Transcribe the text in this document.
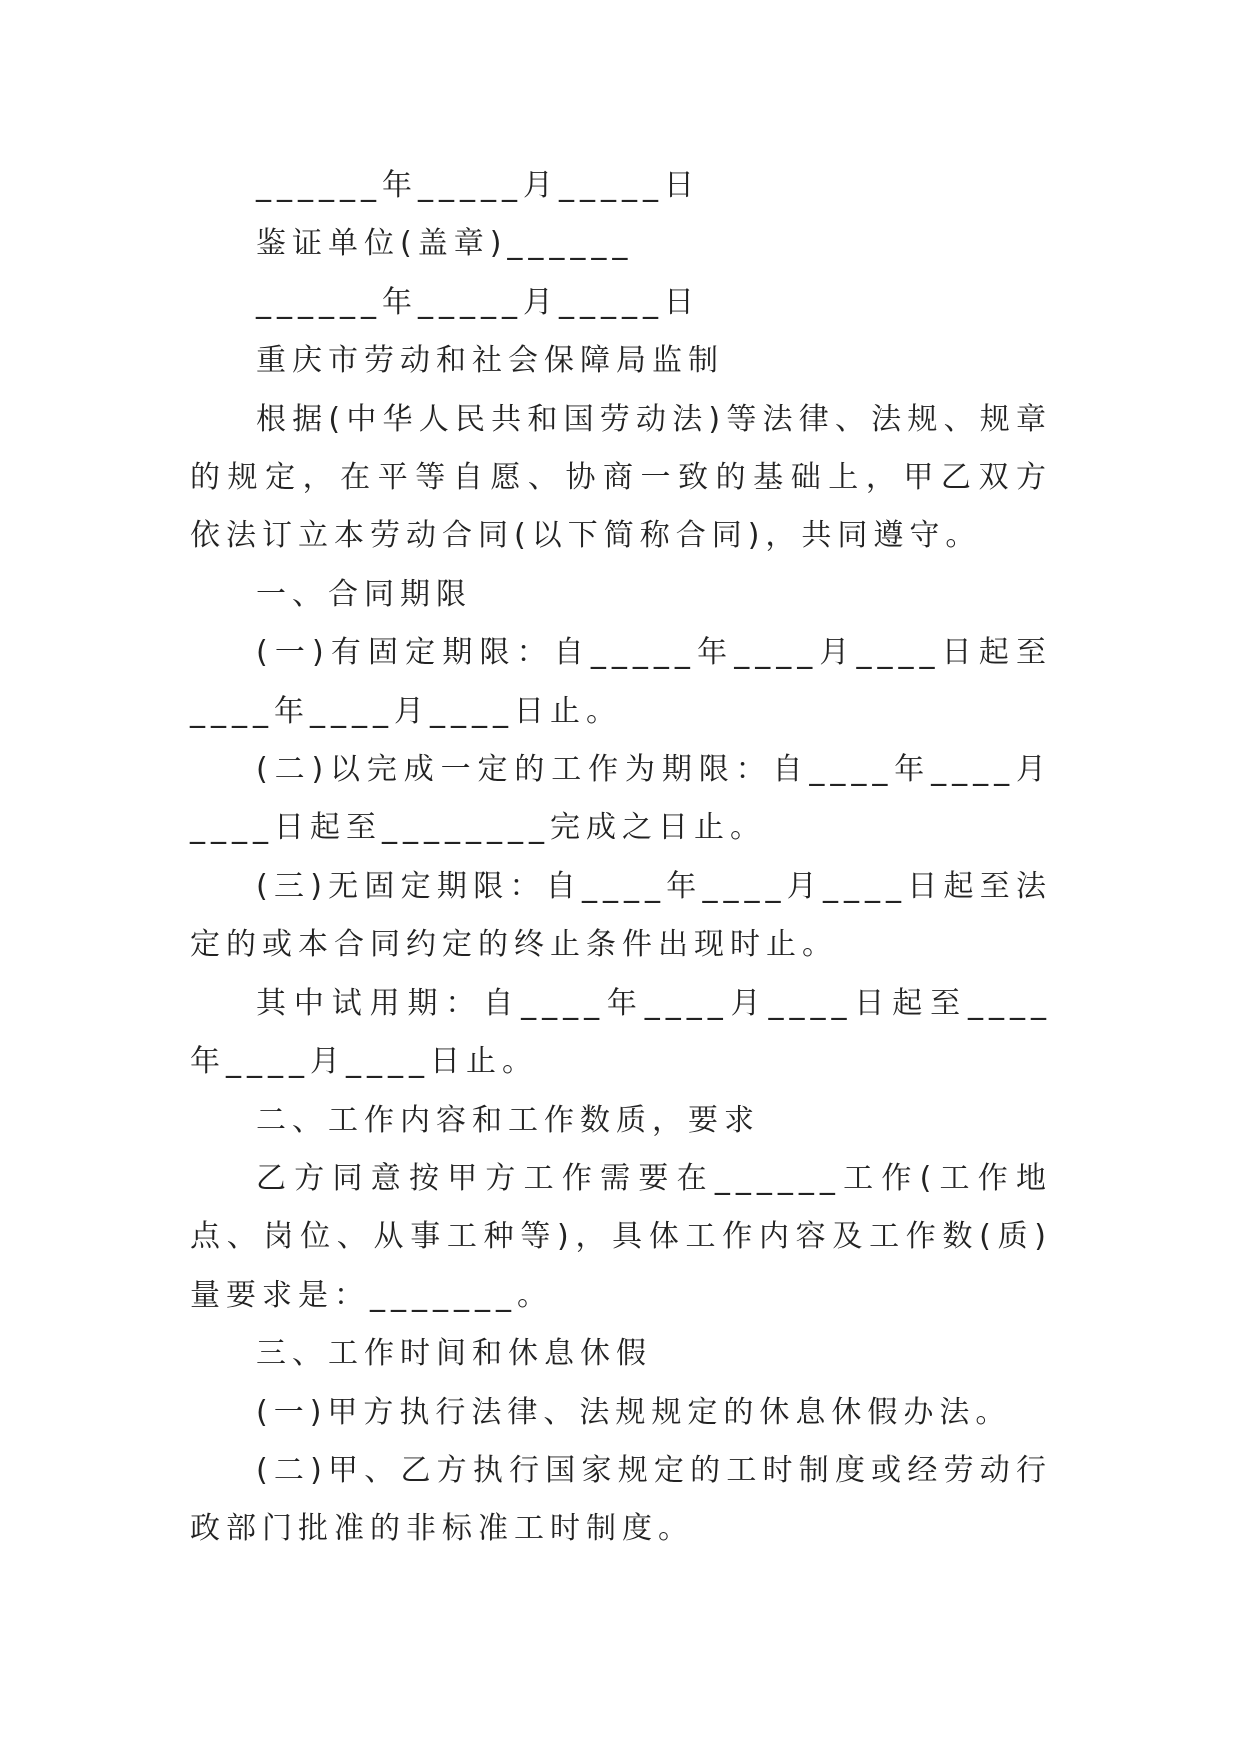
______年_____月_____日

鉴证单位(盖章)______

______年_____月_____日

重庆市劳动和社会保障局监制

根据(中华人民共和国劳动法)等法律、法规、规章的规定，在平等自愿、协商一致的基础上，甲乙双方依法订立本劳动合同(以下简称合同)，共同遵守。

一、合同期限

(一)有固定期限：自_____年____月____日起至____年____月____日止。

(二)以完成一定的工作为期限：自____年____月____日起至________完成之日止。

(三)无固定期限：自____年____月____日起至法定的或本合同约定的终止条件出现时止。

其中试用期：自____年____月____日起至____年____月____日止。

二、工作内容和工作数质，要求

乙方同意按甲方工作需要在______工作(工作地点、岗位、从事工种等)，具体工作内容及工作数(质)量要求是：_______。

三、工作时间和休息休假

(一)甲方执行法律、法规规定的休息休假办法。

(二)甲、乙方执行国家规定的工时制度或经劳动行政部门批准的非标准工时制度。
